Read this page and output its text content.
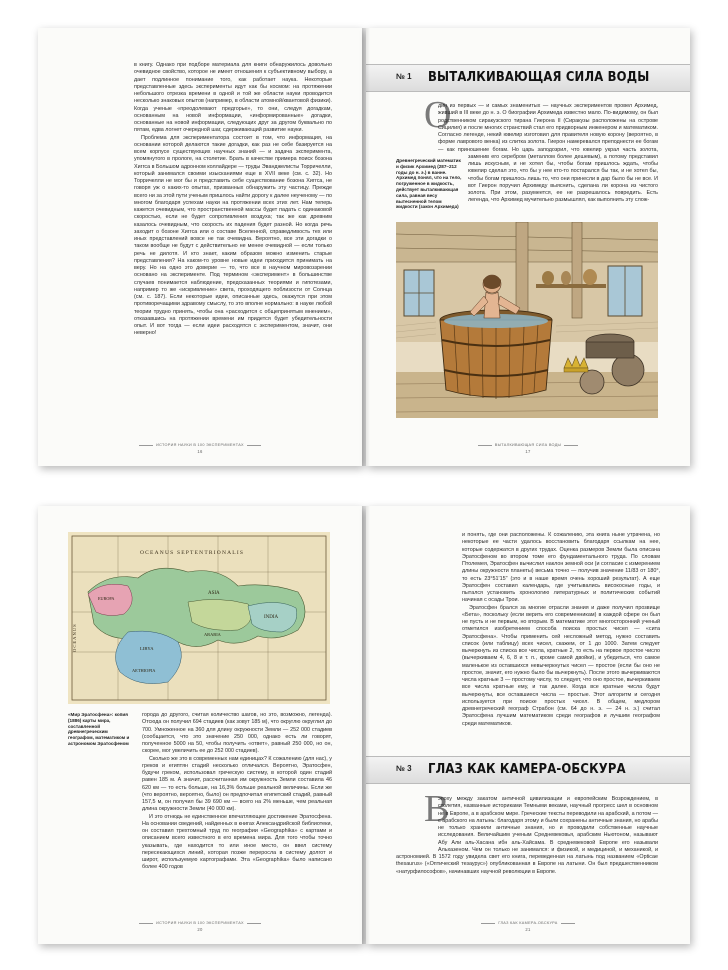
в книгу. Однако при подборе материала для книги обнаружилось довольно очевидное свойство, которое не имеет отношения к субъективному выбору, а дает подлинное понимание того, как работает наука. Некоторые представленные здесь эксперименты идут как бы космом: на протяжении небольшого отрезка времени в одной и той же области науки проводится несколько знаковых опытов (например, в области атомной/квантовой физики). Когда ученые «преодолевают предгорье», то они, следуя догадкам, основанным на новой информации, «информированные» догадки, основанные на новой информации, следующих друг за другом буквально по пятам, едва логнет очередной шаг, сдерживающий развитие науки.

Проблема для экспериментатора состоит в том, что информация, на основании которой делаются такие догадки, как раз не себе базируется на всем корпусе существующих научных знаний — и задача эксперимента, упомянутого в прологе, на столетие. Брать в качестве примера поиск бозона Хиггса в Большом адронном коллайдере — труды Эванджелисты Торричелли, который занимался своими изысканиями еще в XVII веке (см. с. 32). Но Торричелли не мог бы и представить себе существование бозона Хиггса, не говоря уж о каких-то опытах, призванных обнаружить эту частицу. Прежде всего ни за этой пути ученым пришлось найти дорогу к далее неученому — по многом благодаря успехам науки на протяжении всех этих лет. Нам теперь кажется очевидным, что пространственной массы будет падать с одинаковой скоростью, если не будет сопротивления воздуха; так же как древним казалось очевидным, что скорость их падения будет разной. Но когда речь заходит о бозоне Хиггса или о составе Вселенной, справедливость тех или иных представлений вовсе не так очевидна. Вероятно, все эти догадки о таком вообще не будут с действительно не менее очевидной — если только речь не дилотя. И кто знает, каким образом можно изменить старые представления? На каком-то уровне новые идеи приходится принимать на веру. Но на одно это доверие — то, что все в научном мировоззрении основано на эксперименте. Под термином «эксперимент» в большинстве случаев понимается наблюдение, предсказанных теориями и гипотезами, например то же «искривление» света, проходящего поблизости от Солнца (см. с. 187). Если некоторые идеи, описанные здесь, окажутся при этом противоречащими здравому смыслу, то это вполне нормально: в науке любой теории трудно принять, чтобы она «расходится с общепринятым мнением», отказавшись на протяжении времени им придется будет убедительности опыт. И вот тогда — если идеи расходятся с экспериментом, значит, они неверно!

ИСТОРИЯ НАУКИ В 100 ЭКСПЕРИМЕНТАХ
16
№ 1 ВЫТАЛКИВАЮЩАЯ СИЛА ВОДЫ
О

дин из первых — и самых знаменитых — научных экспериментов провел Архимед, живший в III веке до н. э. О биографии Архимеда известно мало. По-видимому, он был родственником сиракузского тирана Гиерона II (Сиракузы расположены на острове Сицилия) и после многих странствий стал его придворным инженером и математиком. Согласно легенде, некий ювелир изготовил для правителя новую корону (вероятно, в форме лаврового венка) из слитка золота. Гиерон намеревался преподнести ее богам — как приношение богам. Но царь заподозрил, что ювелир украл часть золота, заменив его серебром (металлом более дешевым), а потому представил лишь искусным, и не хотел бы, чтобы богам пришлось ждать, чтобы ювелир сделал это, что бы у нее кто-то постарался бы так, и не хотел бы, чтобы богам пришлось лишь то, что они принесли в дар было бы не все. И вот Гиерон поручил Архимеду выяснить, сделана ли корона из чистого золота. При этом, разумеется, ее не разрешалось повредить. Есть легенда, что Архимед мучительно размышлял, как выполнить эту слож-

Древнегреческий математик и физик Архимед (287–212 годы до н. э.) в ванне. Архимед понял, что на тело, погруженное в жидкость, действует выталкивающая сила, равная весу вытесненной телом жидкости (закон Архимеда)
ВЫТАЛКИВАЮЩАЯ СИЛА ВОДЫ
17
OCEANUS SEPTENTRIONALIS
OCEANUS
INDIA
ARABIA
LIBYA
AETHIOPIA
EUROPA
ASIA
«Мир Эратосфена»: копия (1886) карты мира, составленной древнегреческим географом, математиком и астрономом Эратосфеном

города до другого, считая количество шагов, но это, возможно, легенда). Отсюда он получил 694 стадиев (как зовут 185 м), что округлю округлил до 700. Умноженное на 360 для длину окружности Земли — 252 000 стадиев (сообщается, что это значение 250 000, однако есть ли говорят, полученное 5000 на 50, чтобы получить «ответ», равный 250 000, но он, скорее, мог увеличить ее до 252 000 стадиев).

Сколько же это в современных нам единицах? К сожалению (для нас), у греков и египтян стадий несколько отличался. Вероятно, Эратосфен, будучи греком, использовал греческую систему, в которой один стадий равен 185 м. А значит, рассчитанная им окружность Земли составила 46 620 км — то есть больше, на 16,3% больше реальной величины. Если же (что вероятно, вероятно, было) он предпочитал египетский стадий, равный 157,5 м, он получил бы 39 690 км — всего на 2% меньше, чем реальная длина окружности Земли (40 000 км).

И это отнюдь не единственное впечатляющее достижение Эратосфена. На основании сведений, найденных в книгах Александрийской библиотеки, он составил трехтомный труд по географии «Geographika» с картами и описанием всего известного в его времена мира. Для того чтобы точно указывать, где находится то или иное место, он ввел систему пересекающихся линий, которая позже переросла в систему долгот и широт, используемую картографами. Эта «Geographika» было написано более 400 годов

ИСТОРИЯ НАУКИ В 100 ЭКСПЕРИМЕНТАХ
20

и понять, где они расположены. К сожалению, эта книга ныне утрачена, но некоторые ее части удалось восстановить благодаря ссылкам на нее, которые содержатся в других трудах. Оценка размеров Земли была описана Эратосфеном во втором томе его фундаментального труда. По словам Птолемея, Эратосфен вычислил наклон земной оси (и согласие с измерением длины окружности планеты) весьма точно — получив значение 11/83 от 180°, то есть 23°51'15" (это и в наше время очень хороший результат). А еще Эратосфен составил календарь, где учитывались високосные годы, и пытался установить хронологию литературных и политических событий начиная с осады Трои.

Эратосфен брался за многие отрасли знания и даже получил прозвище «Бета», поскольку (если верить его современникам) в каждой сфере он был не пусть и не первым, но вторым. В математике этот многосторонний ученый отметился изобретением способа поиска простых чисел — «сита Эратосфена». Чтобы применить сей несложный метод, нужно составить список (или таблицу) всех чисел, скажем, от 1 до 1000. Затем следует вычеркнуть из списка все числа, кратные 2, то есть на первое простое число (вычеркиваем 4, 6, 8 и т. п., кроме самой двойки), и убедиться, что самое маленькое из оставшихся невычеркнутых чисел — простое (если бы оно не простое, значит, его нужно было бы вычеркнуть). После этого вычеркиваются числа кратные 3 — простому числу, то следует, что оно простое, вычеркиваем все числа кратные ему, и так далее. Когда все кратные числа будут вычеркнуты, все оставшиеся числа — простые. Этот алгоритм и сегодня используется при поиске простых чисел. В общем, медлором древнегреческий географ Страбон (см. 64 до н. э. — 24 н. э.) считал Эратосфена лучшим математиком среди географов и лучшим географом среди математиков.

№ 3 ГЛАЗ КАК КАМЕРА-ОБСКУРА
В

эпоху между закатом античной цивилизации и европейским Возрождением, в столетия, названные историками Темными веками, научный прогресс шел в основном не в Европе, а в арабском мире. Греческие тексты переводили на арабский, а потом — с арабского на латынь: благодаря этому и были сохранены античные знания, но арабы не только хранили античные знания, но и проводили собственные научные исследования. Величайшим ученым Средневековья, арабским Ньютоном, называют Абу Али аль-Хасана ибн аль-Хайсама. В средневековой Европе его называли Альхазеном. Чем он только не занимался: и физикой, и медициной, и механикой, и астрономией. В 1572 году увидела свет его книга, переведенная на латынь под названием «Opticae thesaurus» («Оптический тезаурус») опубликованная в Европе на латыни. Он был предшественником «натурфилософов», начинавших научной революции в Европе.

ГЛАЗ КАК КАМЕРА-ОБСКУРА
21
